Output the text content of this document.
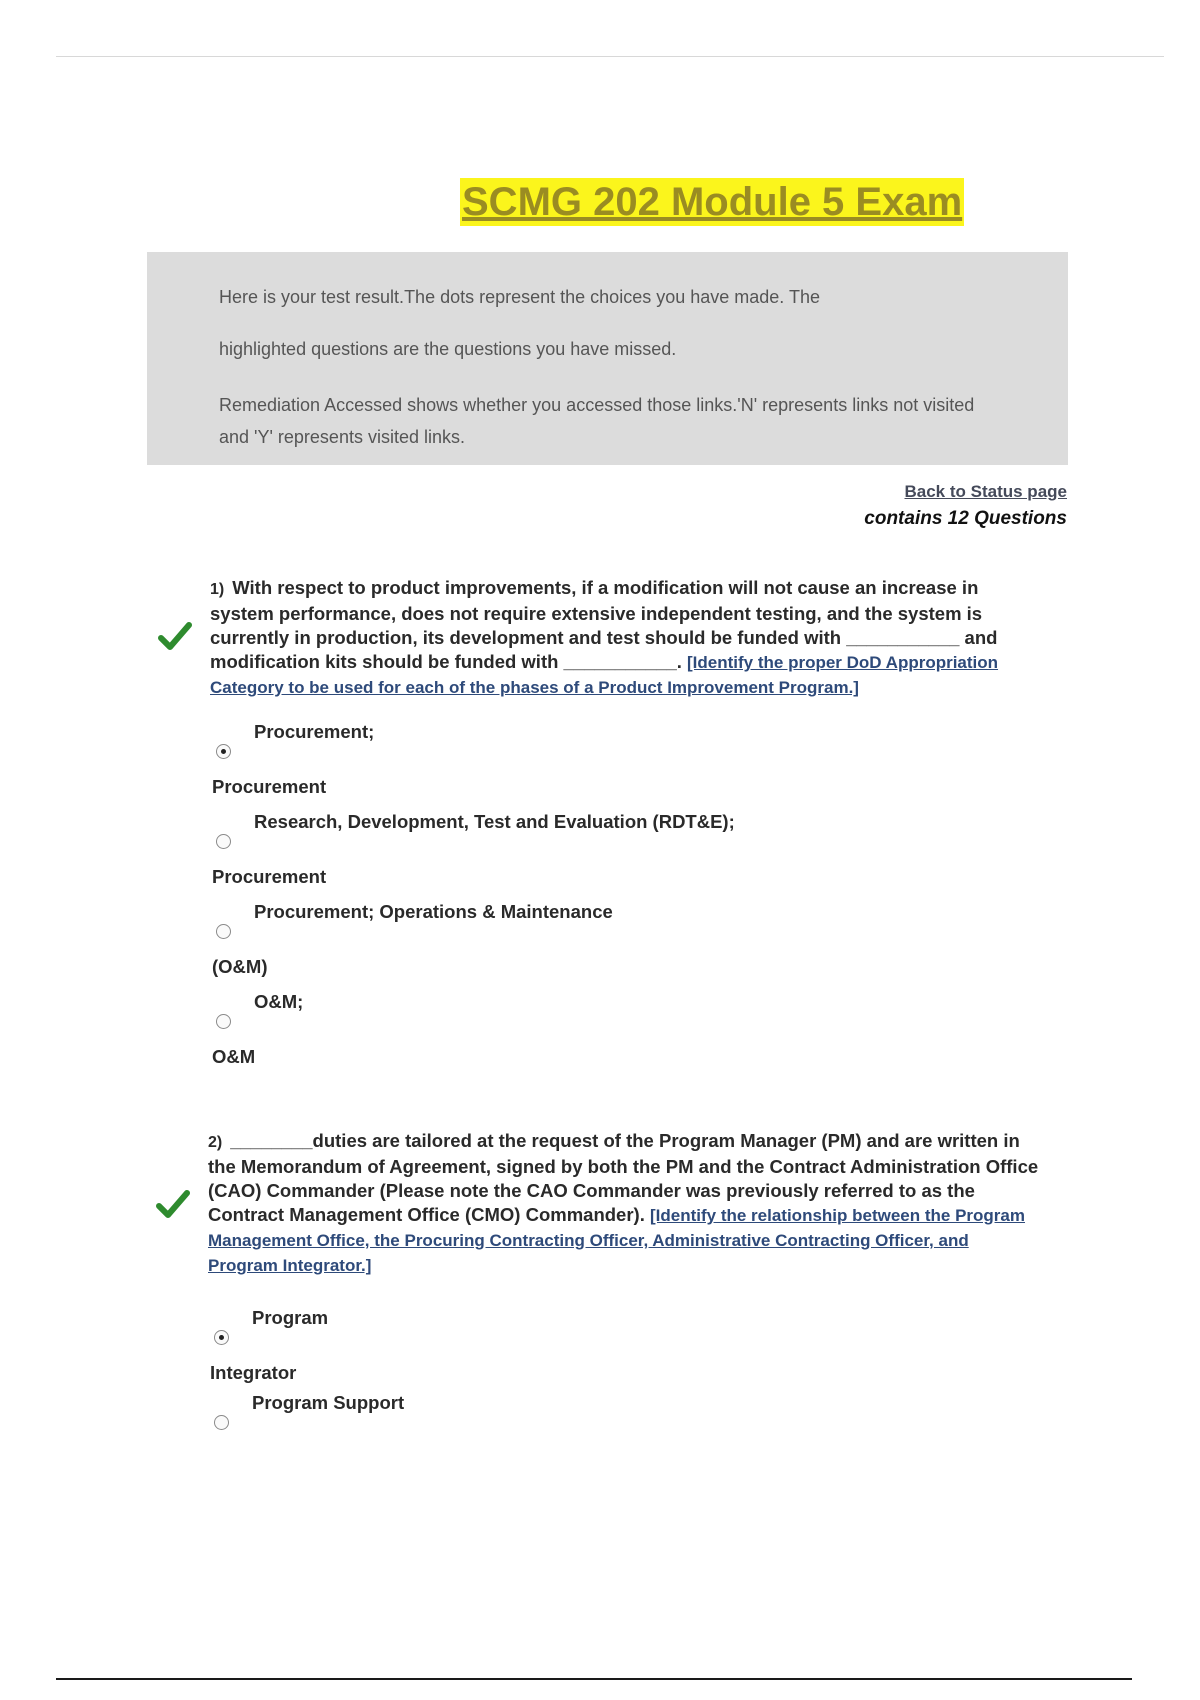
SCMG 202 Module 5 Exam

Here is your test result.The dots represent the choices you have made. The

highlighted questions are the questions you have missed.

Remediation Accessed shows whether you accessed those links.'N' represents links not visited and 'Y' represents visited links.

Back to Status page
contains 12 Questions
1) With respect to product improvements, if a modification will not cause an increase in system performance, does not require extensive independent testing, and the system is currently in production, its development and test should be funded with ___________ and modification kits should be funded with ___________. [Identify the proper DoD Appropriation Category to be used for each of the phases of a Product Improvement Program.]
Procurement;
Procurement
Research, Development, Test and Evaluation (RDT&E);
Procurement
Procurement; Operations & Maintenance
(O&M)
O&M;
O&M
2) ________duties are tailored at the request of the Program Manager (PM) and are written in the Memorandum of Agreement, signed by both the PM and the Contract Administration Office (CAO) Commander (Please note the CAO Commander was previously referred to as the Contract Management Office (CMO) Commander). [Identify the relationship between the Program Management Office, the Procuring Contracting Officer, Administrative Contracting Officer, and Program Integrator.]
Program
Integrator
Program Support
